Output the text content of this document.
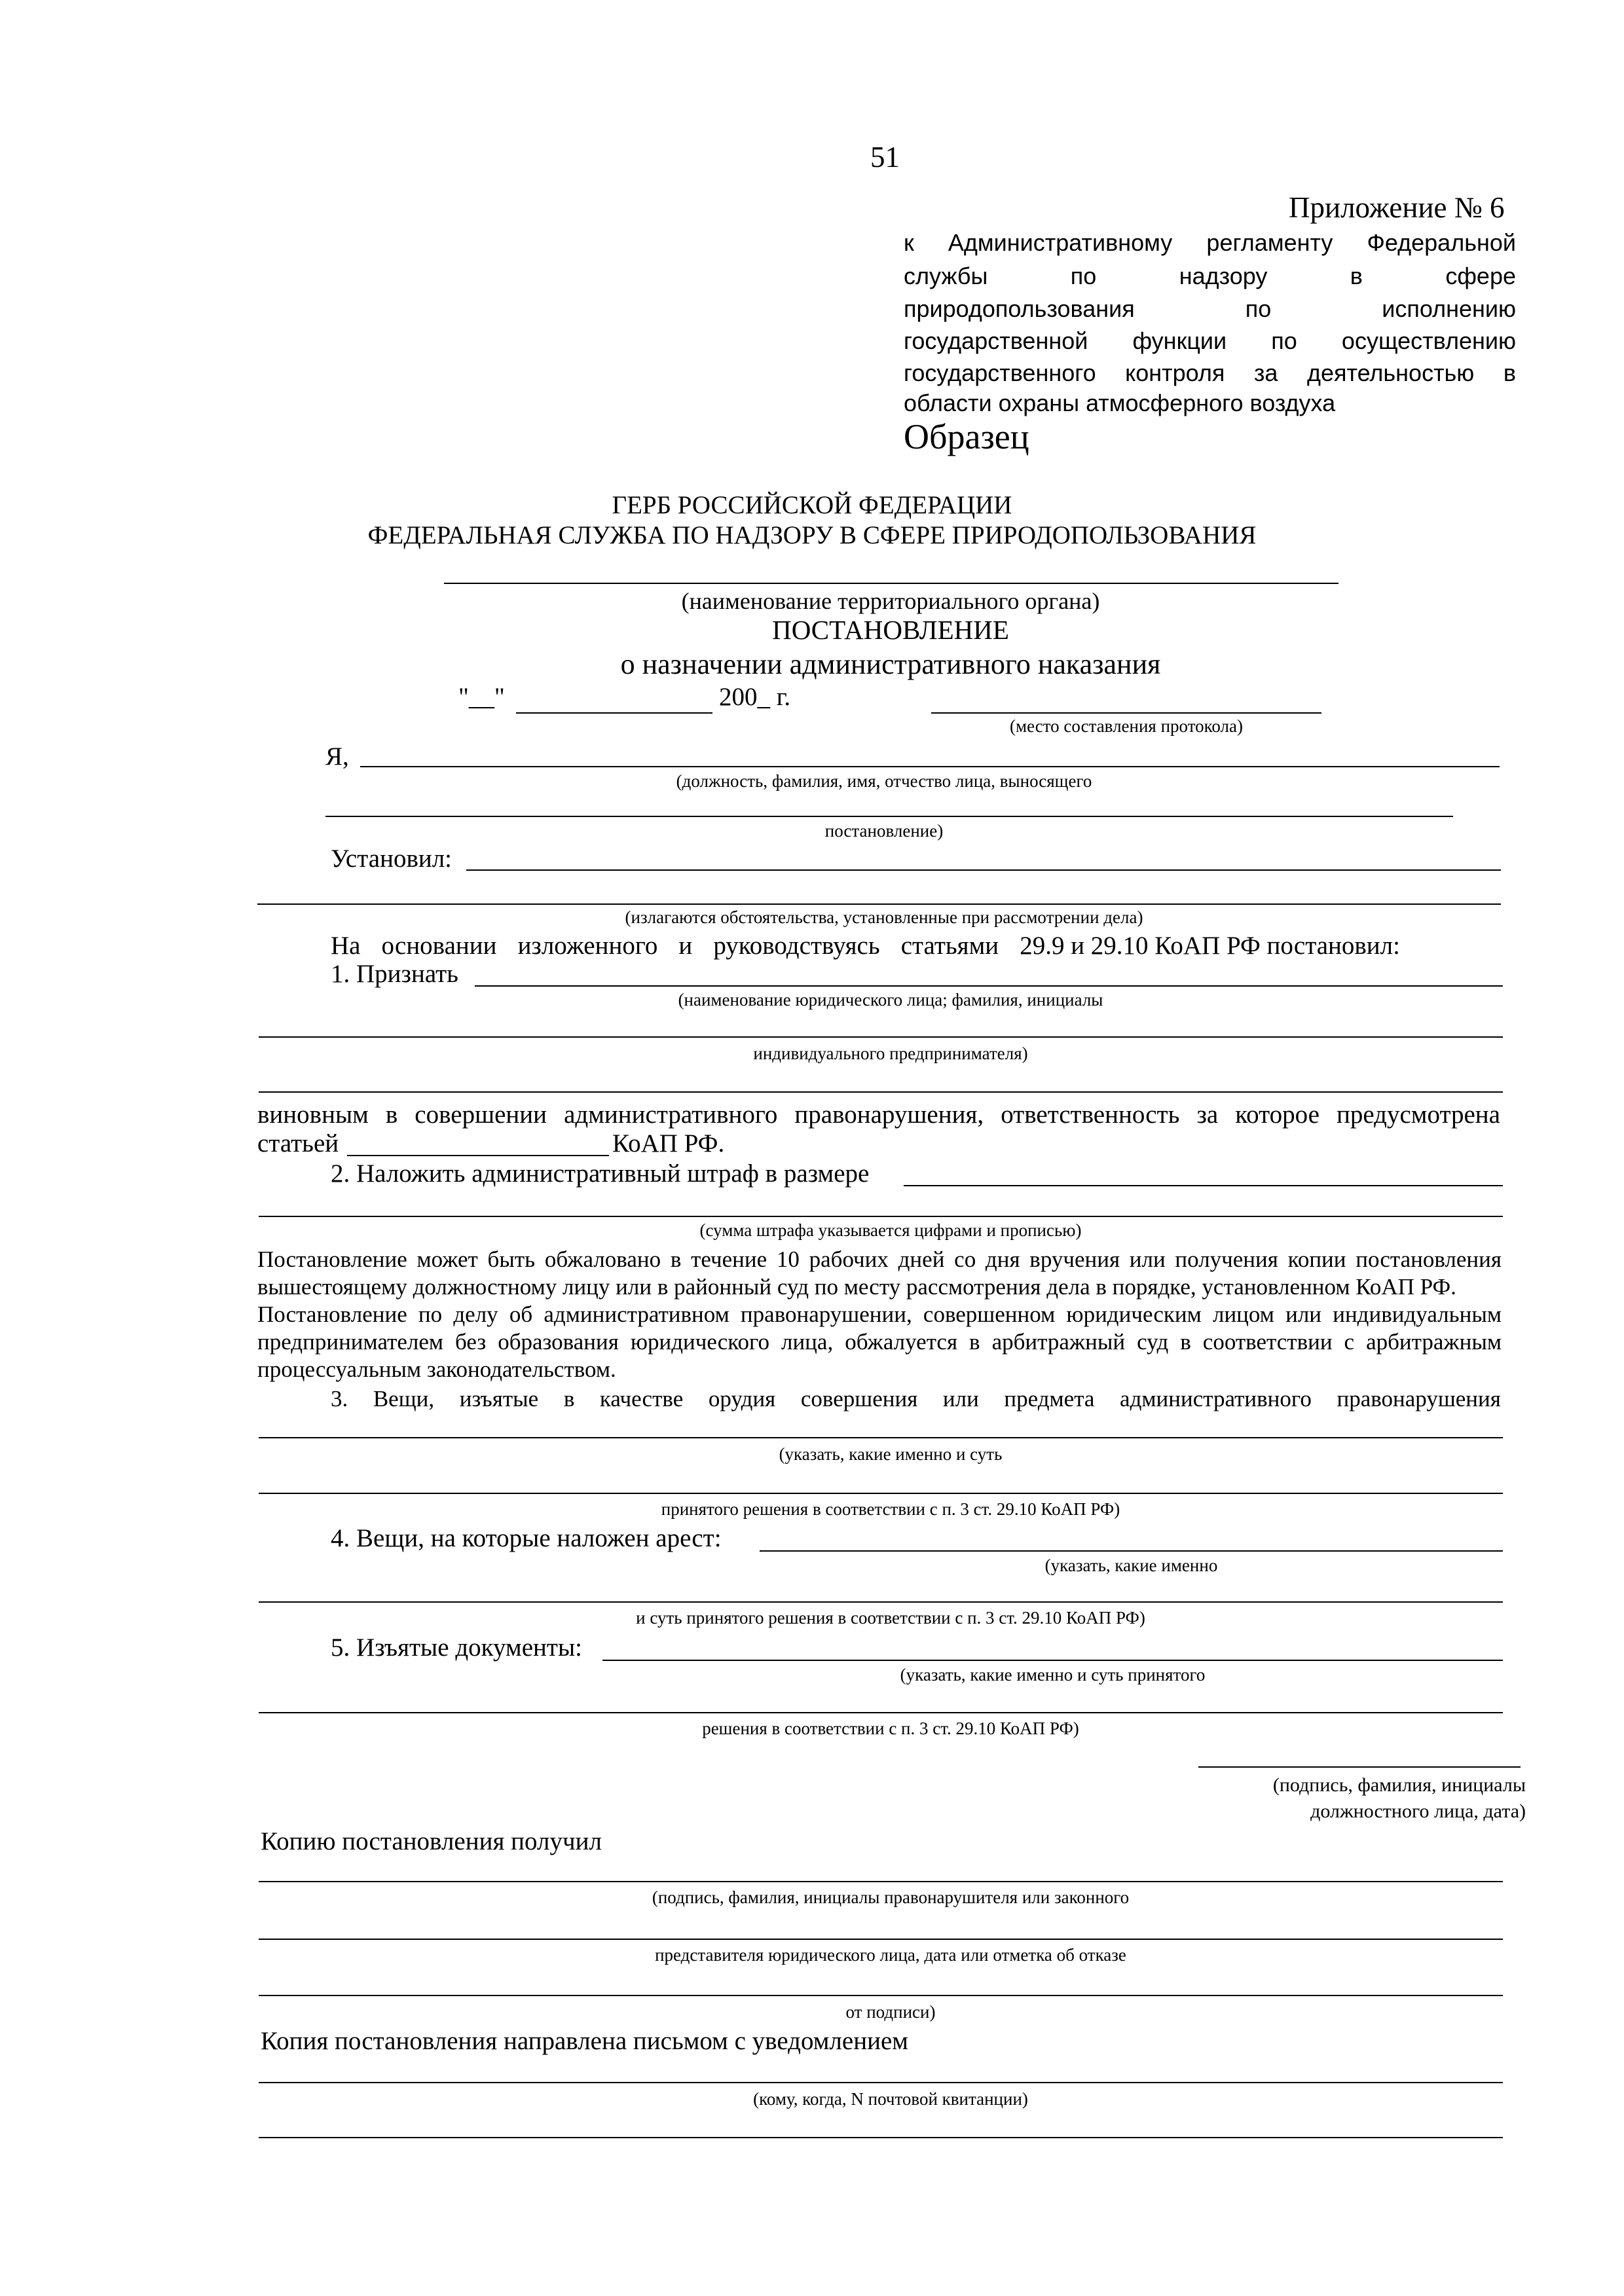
51
Приложение № 6
к Административному регламенту Федеральной
службы	по	надзору	в	сфере
природопользования	по	исполнению
государственной функции по осуществлению
государственного контроля за деятельностью в
области охраны атмосферного воздуха
Образец
ГЕРБ РОССИЙСКОЙ ФЕДЕРАЦИИ
ФЕДЕРАЛЬНАЯ СЛУЖБА ПО НАДЗОРУ В СФЕРЕ ПРИРОДОПОЛЬЗОВАНИЯ
(наименование территориального органа)
ПОСТАНОВЛЕНИЕ
о назначении административного наказания
"__"	200_ г.
(место составления протокола)
Я,
(должность, фамилия, имя, отчество лица, выносящего
постановление)
Установил:
(излагаются обстоятельства, установленные при рассмотрении дела)
На основании изложенного и руководствуясь статьями 29.9 и 29.10 КоАП РФ постановил:
1. Признать
(наименование юридического лица; фамилия, инициалы
индивидуального предпринимателя)
виновным в совершении административного правонарушения, ответственность за которое предусмотрена
статьей	КоАП РФ.
2. Наложить административный штраф в размере
(сумма штрафа указывается цифрами и прописью)
Постановление может быть обжаловано в течение 10 рабочих дней со дня вручения или получения копии постановления вышестоящему должностному лицу или в районный суд по месту рассмотрения дела в порядке, установленном КоАП РФ.
Постановление по делу об административном правонарушении, совершенном юридическим лицом или индивидуальным предпринимателем без образования юридического лица, обжалуется в арбитражный суд в соответствии с арбитражным процессуальным законодательством.
3. Вещи, изъятые в качестве орудия совершения или предмета административного правонарушения
(указать, какие именно и суть
принятого решения в соответствии с п. 3 ст. 29.10 КоАП РФ)
4. Вещи, на которые наложен арест:
(указать, какие именно
и суть принятого решения в соответствии с п. 3 ст. 29.10 КоАП РФ)
5. Изъятые документы:
(указать, какие именно и суть принятого
решения в соответствии с п. 3 ст. 29.10 КоАП РФ)
(подпись, фамилия, инициалы
должностного лица, дата)
Копию постановления получил
(подпись, фамилия, инициалы правонарушителя или законного
представителя юридического лица, дата или отметка об отказе
от подписи)
Копия постановления направлена письмом с уведомлением
(кому, когда, N почтовой квитанции)
